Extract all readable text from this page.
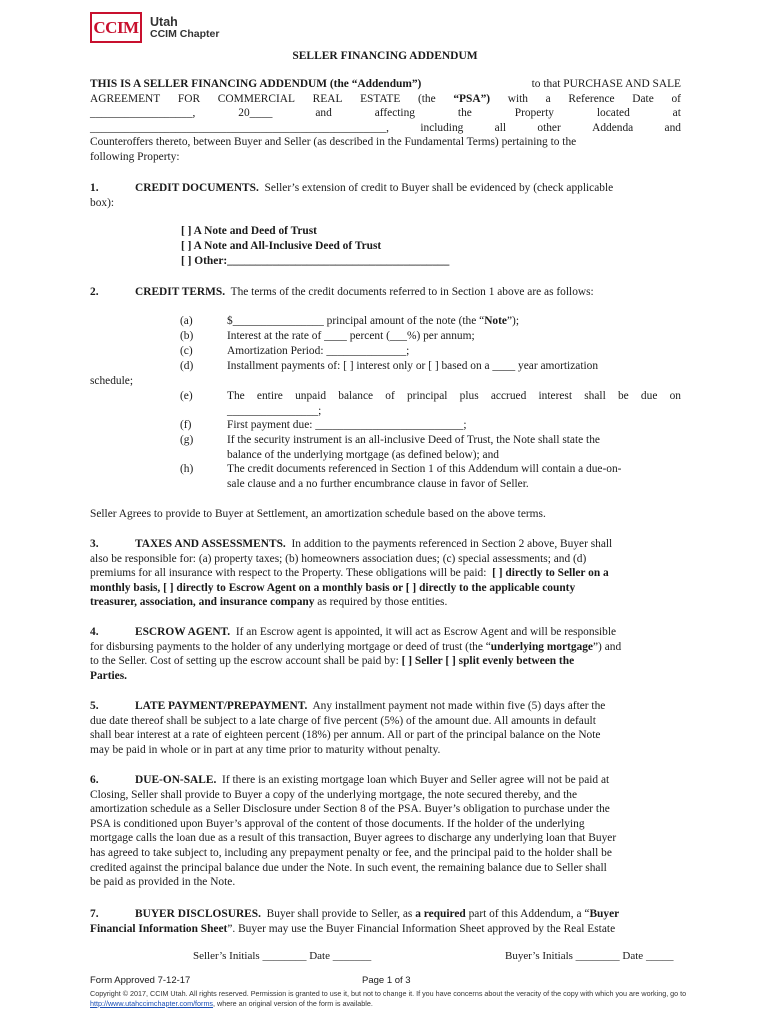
CCIM Utah
CCIM Chapter
SELLER FINANCING ADDENDUM
THIS IS A SELLER FINANCING ADDENDUM (the “Addendum”)	to that PURCHASE AND SALE
AGREEMENT FOR COMMERCIAL REAL ESTATE (the “PSA”) with a Reference Date of
__________________,	20____	and	affecting	the	Property	located	at
____________________________________________________,	including	all	other	Addenda	and
Counteroffers thereto, between Buyer and Seller (as described in the Fundamental Terms) pertaining to the
following Property:
1.	CREDIT DOCUMENTS. Seller’s extension of credit to Buyer shall be evidenced by (check applicable
box):
[ ] A Note and Deed of Trust
[ ] A Note and All-Inclusive Deed of Trust
[ ] Other:_______________________________________
2.	CREDIT TERMS. The terms of the credit documents referred to in Section 1 above are as follows:
(a)	$________________ principal amount of the note (the “Note”);
(b)	Interest at the rate of ____ percent (___%) per annum;
(c)	Amortization Period: ______________;
(d)	Installment payments of: [ ] interest only or [ ] based on a ____ year amortization
schedule;
(e)	The entire unpaid balance of principal plus accrued interest shall be due on
________________;
(f)	First payment due: __________________________;
(g)	If the security instrument is an all-inclusive Deed of Trust, the Note shall state the
balance of the underlying mortgage (as defined below); and
(h)	The credit documents referenced in Section 1 of this Addendum will contain a due-on-
sale clause and a no further encumbrance clause in favor of Seller.
Seller Agrees to provide to Buyer at Settlement, an amortization schedule based on the above terms.
3.	TAXES AND ASSESSMENTS. In addition to the payments referenced in Section 2 above, Buyer shall
also be responsible for: (a) property taxes; (b) homeowners association dues; (c) special assessments; and (d)
premiums for all insurance with respect to the Property. These obligations will be paid: [ ] directly to Seller on a
monthly basis, [ ] directly to Escrow Agent on a monthly basis or [ ] directly to the applicable county
treasurer, association, and insurance company as required by those entities.
4.	ESCROW AGENT. If an Escrow agent is appointed, it will act as Escrow Agent and will be responsible
for disbursing payments to the holder of any underlying mortgage or deed of trust (the “underlying mortgage”) and
to the Seller. Cost of setting up the escrow account shall be paid by: [ ] Seller [ ] split evenly between the
Parties.
5.	LATE PAYMENT/PREPAYMENT. Any installment payment not made within five (5) days after the
due date thereof shall be subject to a late charge of five percent (5%) of the amount due. All amounts in default
shall bear interest at a rate of eighteen percent (18%) per annum. All or part of the principal balance on the Note
may be paid in whole or in part at any time prior to maturity without penalty.
6.	DUE-ON-SALE. If there is an existing mortgage loan which Buyer and Seller agree will not be paid at
Closing, Seller shall provide to Buyer a copy of the underlying mortgage, the note secured thereby, and the
amortization schedule as a Seller Disclosure under Section 8 of the PSA. Buyer’s obligation to purchase under the
PSA is conditioned upon Buyer’s approval of the content of those documents. If the holder of the underlying
mortgage calls the loan due as a result of this transaction, Buyer agrees to discharge any underlying loan that Buyer
has agreed to take subject to, including any prepayment penalty or fee, and the principal paid to the holder shall be
credited against the principal balance due under the Note. In such event, the remaining balance due to Seller shall
be paid as provided in the Note.
7.	BUYER DISCLOSURES. Buyer shall provide to Seller, as a required part of this Addendum, a “Buyer
Financial Information Sheet”. Buyer may use the Buyer Financial Information Sheet approved by the Real Estate
Seller’s Initials ________ Date _______	Buyer’s Initials ________ Date _____
Form Approved 7-12-17	Page 1 of 3
Copyright © 2017, CCIM Utah. All rights reserved. Permission is granted to use it, but not to change it. If you have concerns about the veracity of the copy with which you are working, go to
http://www.utahccimchapter.com/forms, where an original version of the form is available.
